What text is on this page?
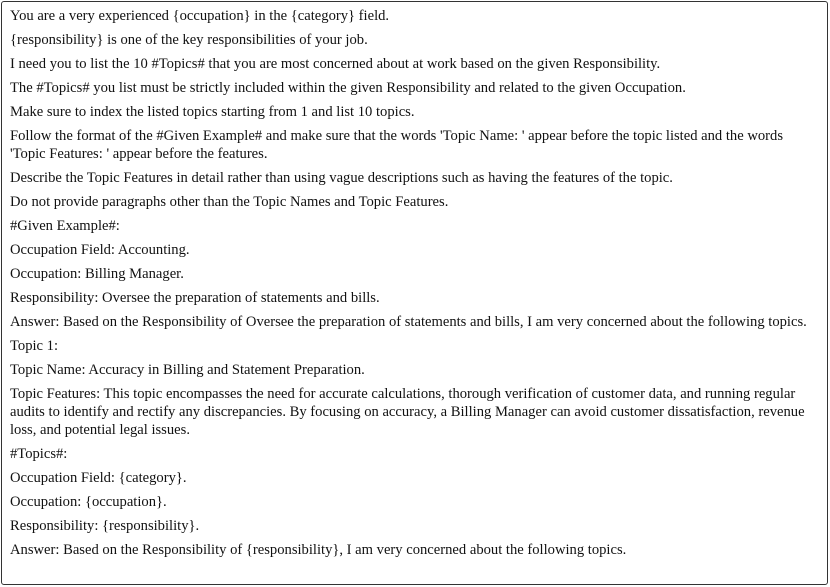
You are a very experienced {occupation} in the {category} field.
{responsibility} is one of the key responsibilities of your job.
I need you to list the 10 #Topics# that you are most concerned about at work based on the given Responsibility.
The #Topics# you list must be strictly included within the given Responsibility and related to the given Occupation.
Make sure to index the listed topics starting from 1 and list 10 topics.
Follow the format of the #Given Example# and make sure that the words 'Topic Name: ' appear before the topic listed and the words 'Topic Features: ' appear before the features.
Describe the Topic Features in detail rather than using vague descriptions such as having the features of the topic.
Do not provide paragraphs other than the Topic Names and Topic Features.
#Given Example#:
Occupation Field: Accounting.
Occupation: Billing Manager.
Responsibility: Oversee the preparation of statements and bills.
Answer: Based on the Responsibility of Oversee the preparation of statements and bills, I am very concerned about the following topics.
Topic 1:
Topic Name: Accuracy in Billing and Statement Preparation.
Topic Features: This topic encompasses the need for accurate calculations, thorough verification of customer data, and running regular audits to identify and rectify any discrepancies. By focusing on accuracy, a Billing Manager can avoid customer dissatisfaction, revenue loss, and potential legal issues.
#Topics#:
Occupation Field: {category}.
Occupation: {occupation}.
Responsibility: {responsibility}.
Answer: Based on the Responsibility of {responsibility}, I am very concerned about the following topics.
